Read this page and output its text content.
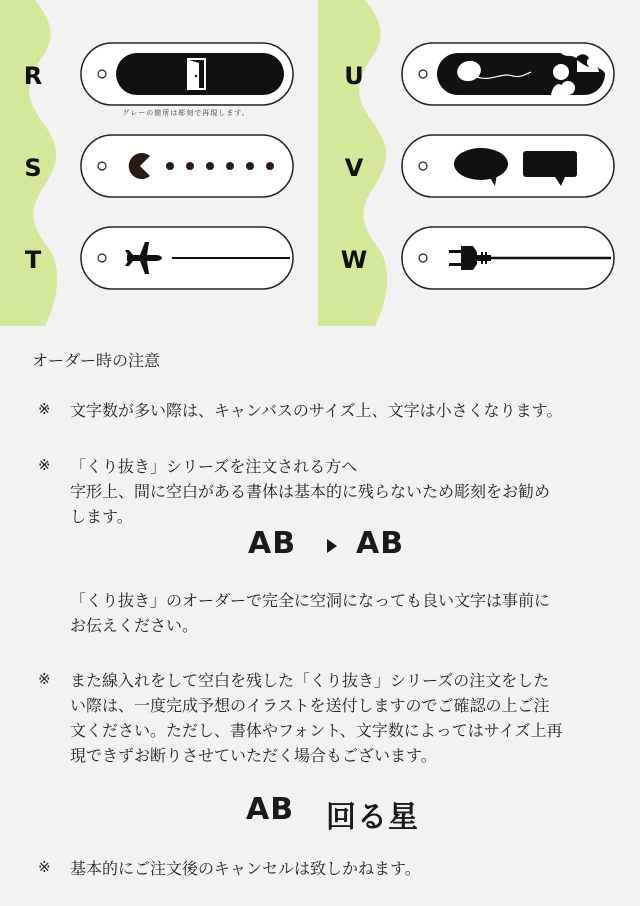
R
S
T
U
V
W
グレーの箇所は彫刻で再現します。
オーダー時の注意
※ 文字数が多い際は、キャンバスのサイズ上、文字は小さくなります。
※ 「くり抜き」シリーズを注文される方へ
字形上、間に空白がある書体は基本的に残らないため彫刻をお勧め
します。
AB AB
「くり抜き」のオーダーで完全に空洞になっても良い文字は事前に
お伝えください。
※ また線入れをして空白を残した「くり抜き」シリーズの注文をした
い際は、一度完成予想のイラストを送付しますのでご確認の上ご注
文ください。ただし、書体やフォント、文字数によってはサイズ上再
現できずお断りさせていただく場合もございます。
AB 回る星
※ 基本的にご注文後のキャンセルは致しかねます。
